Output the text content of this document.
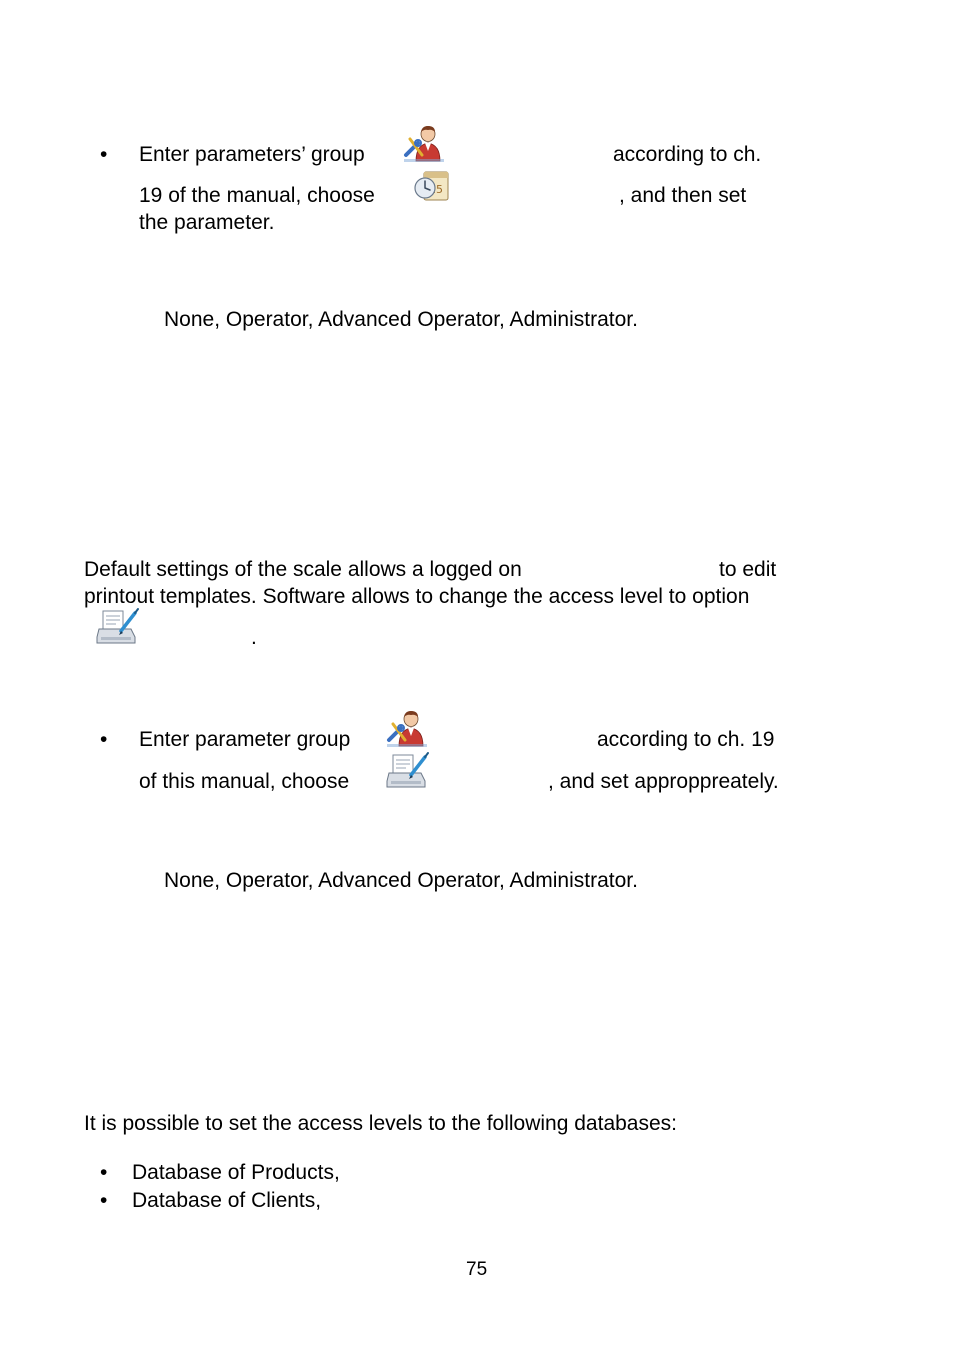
• Enter parameters’ group	according to ch.
19 of the manual, choose	, and then set
the parameter.
None, Operator, Advanced Operator, Administrator.
Default settings of the scale allows a logged on	to edit
printout templates. Software allows to change the access level to option
.
• Enter parameter group	according to ch. 19
of this manual, choose	, and set approppreately.
None, Operator, Advanced Operator, Administrator.
It is possible to set the access levels to the following databases:
• Database of Products,
• Database of Clients,
75
